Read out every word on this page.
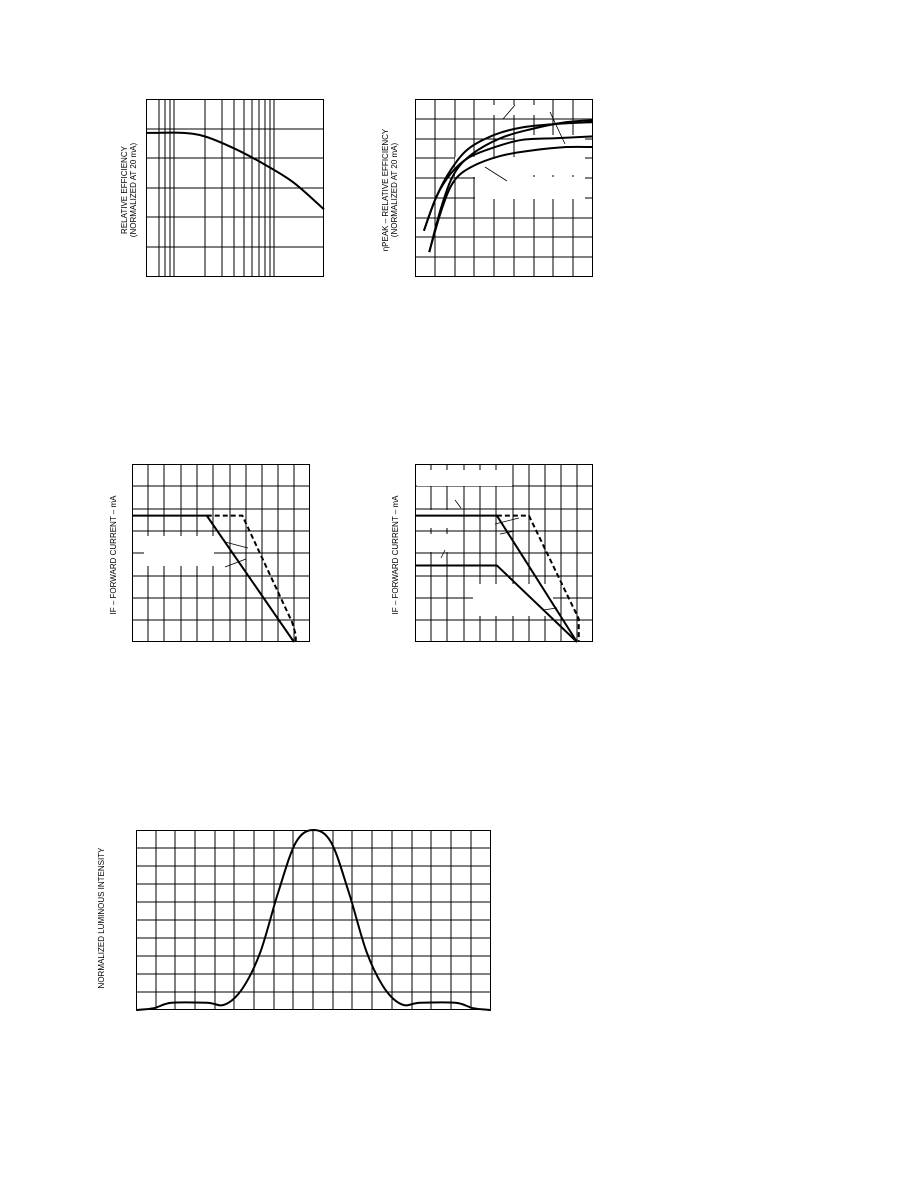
RELATIVE EFFICIENCY (NORMALIZED AT 20 mA)	ηPEAK – RELATIVE EFFICIENCY (NORMALIZED AT 20 mA)
IF – FORWARD CURRENT – mA	IF – FORWARD CURRENT – mA
NORMALIZED LUMINOUS INTENSITY
